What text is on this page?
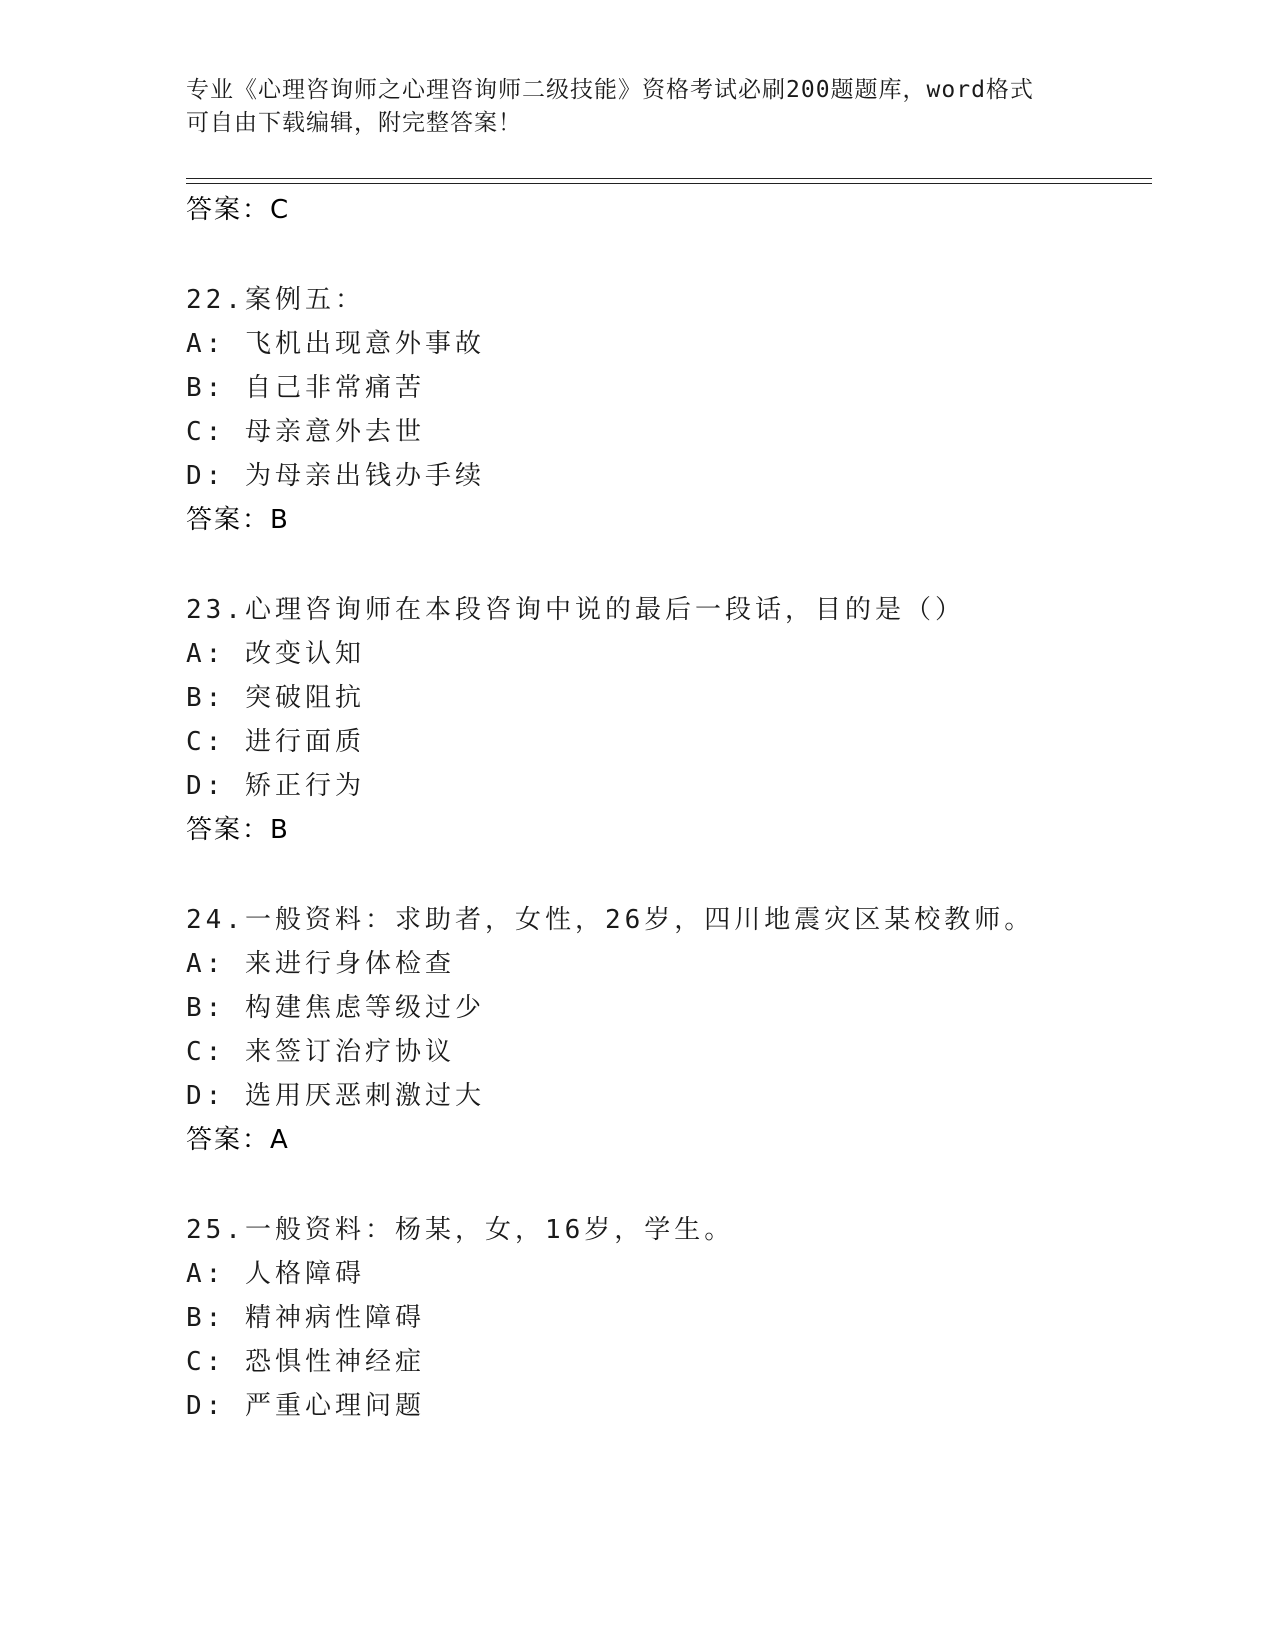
专业《心理咨询师之心理咨询师二级技能》资格考试必刷200题题库，word格式
可自由下载编辑，附完整答案！
答案：C
22.案例五：
A: 飞机出现意外事故
B: 自己非常痛苦
C: 母亲意外去世
D: 为母亲出钱办手续
答案：B
23.心理咨询师在本段咨询中说的最后一段话，目的是（）
A: 改变认知
B: 突破阻抗
C: 进行面质
D: 矫正行为
答案：B
24.一般资料：求助者，女性，26岁，四川地震灾区某校教师。
A: 来进行身体检查
B: 构建焦虑等级过少
C: 来签订治疗协议
D: 选用厌恶刺激过大
答案：A
25.一般资料：杨某，女，16岁，学生。
A: 人格障碍
B: 精神病性障碍
C: 恐惧性神经症
D: 严重心理问题
